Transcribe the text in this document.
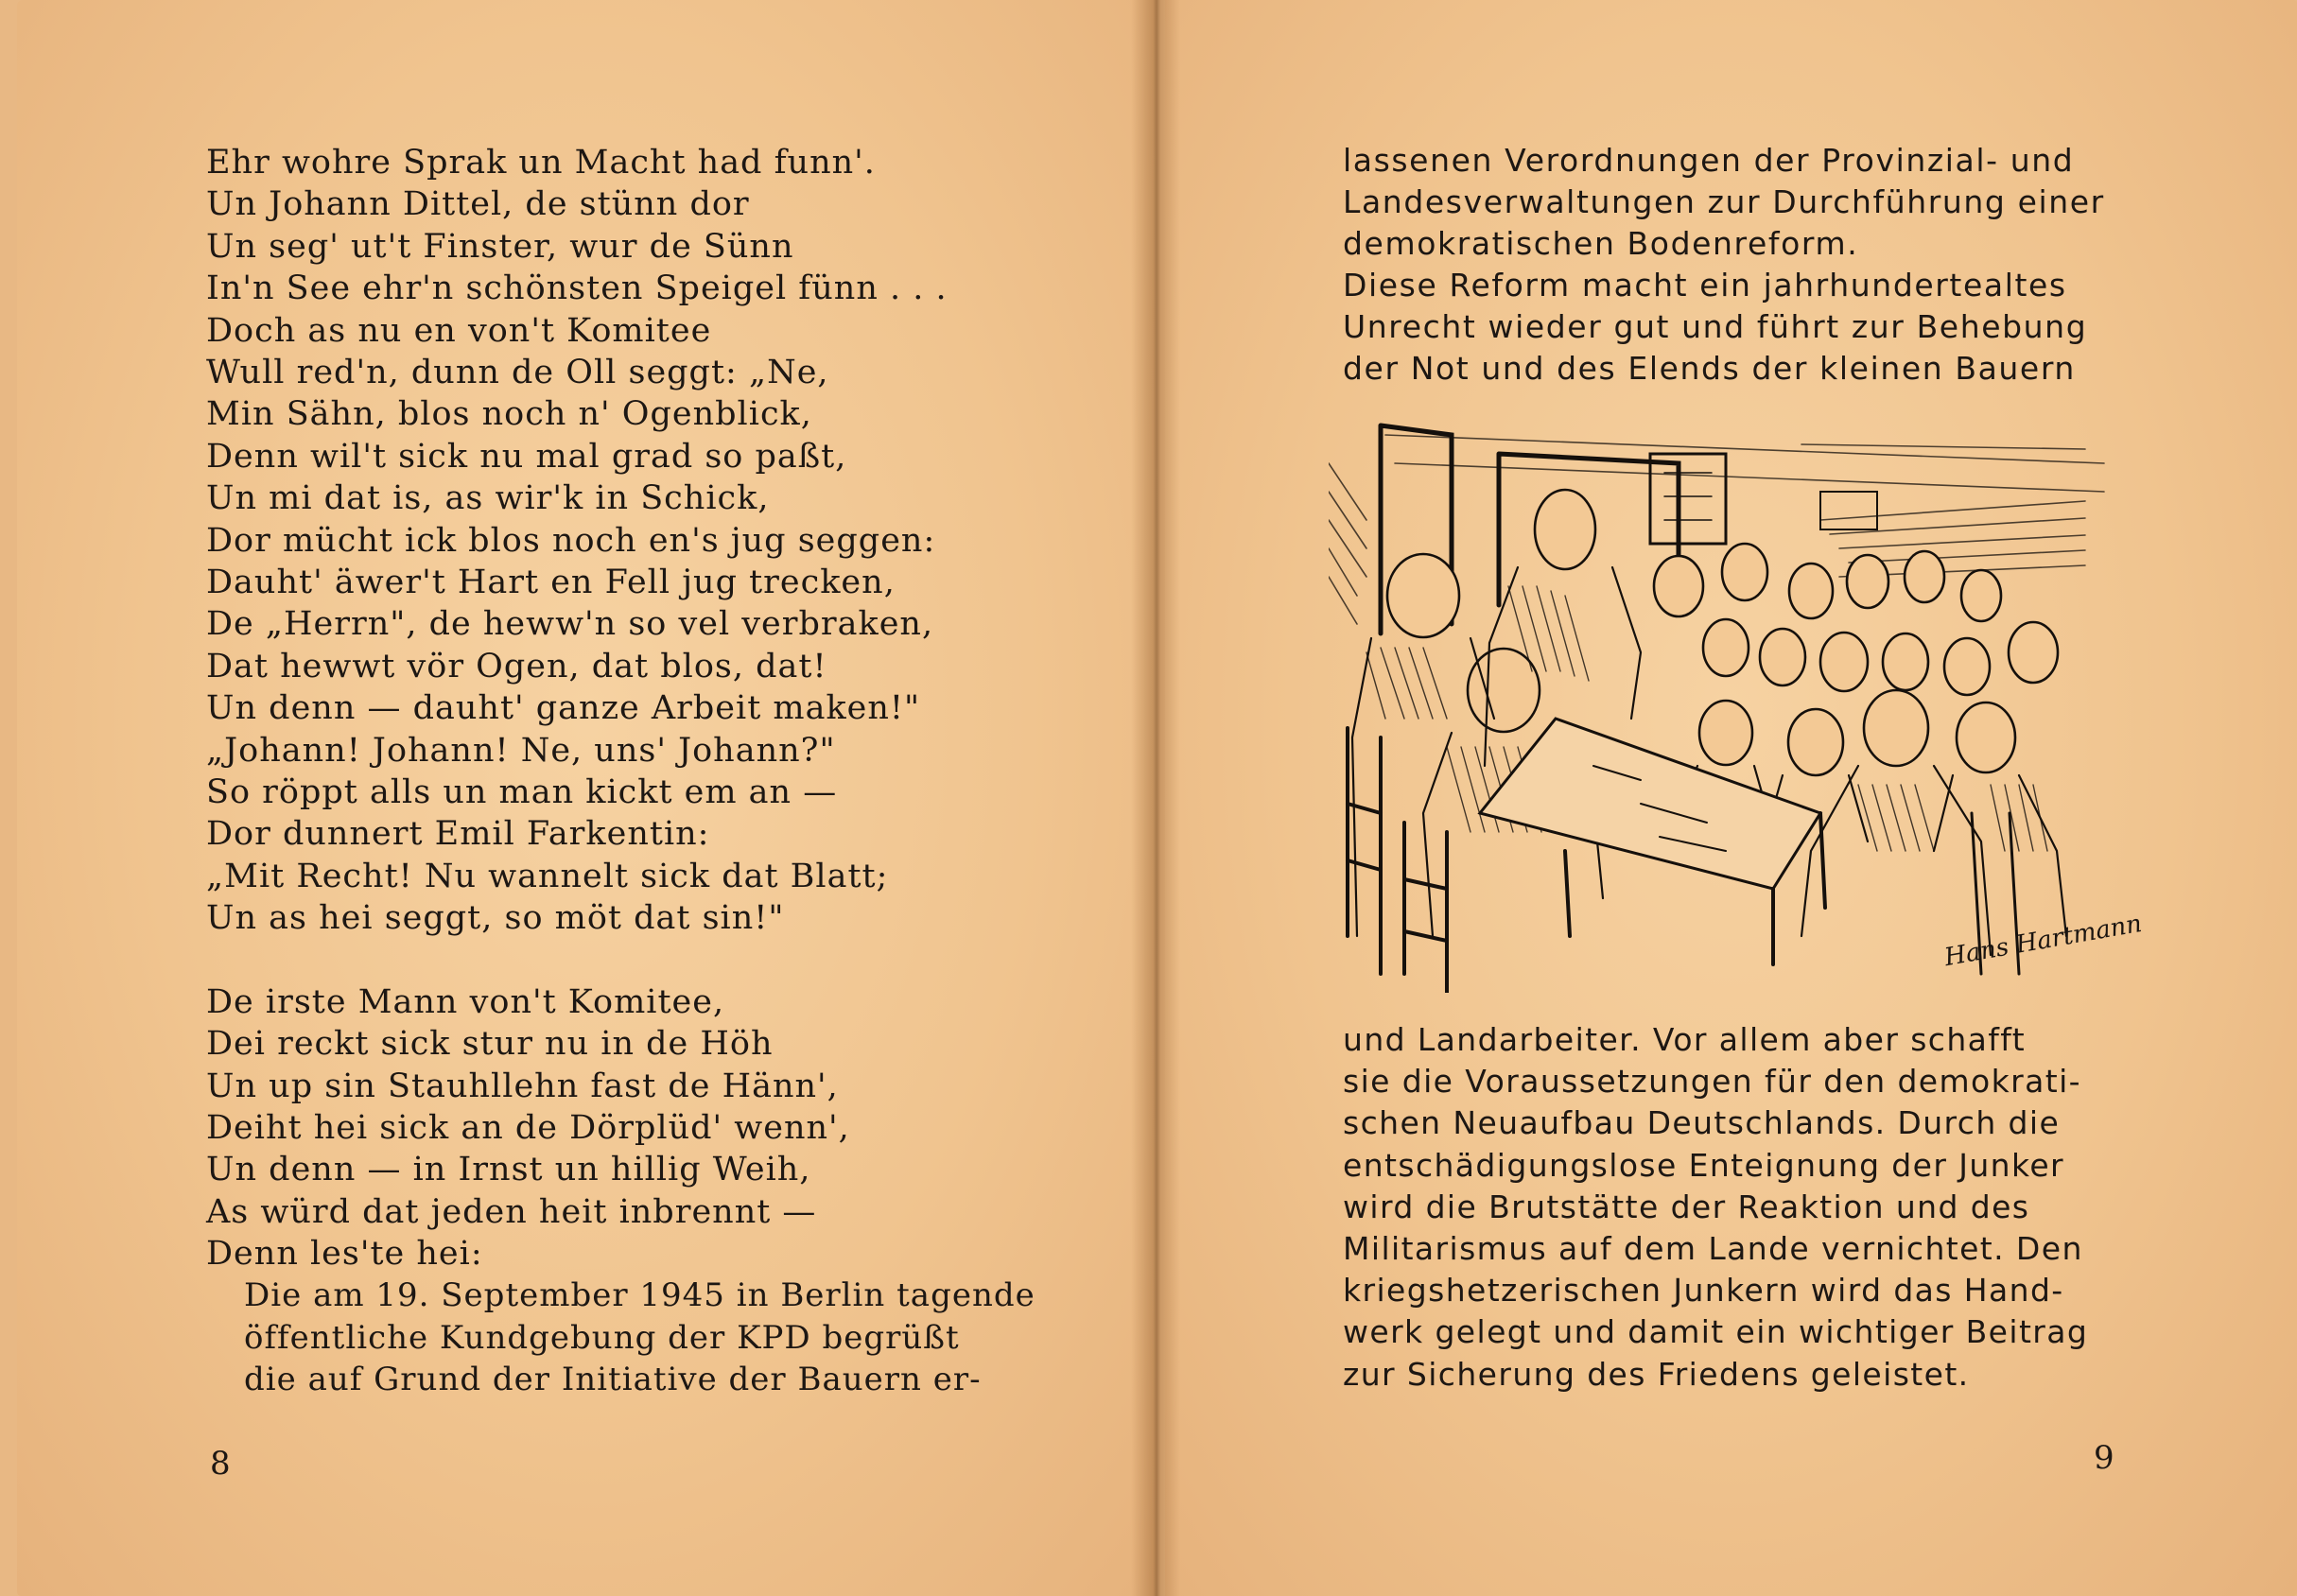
Ehr wohre Sprak un Macht had funn'.
Un Johann Dittel, de stünn dor
Un seg' ut't Finster, wur de Sünn
In'n See ehr'n schönsten Speigel fünn . . .
Doch as nu en von't Komitee
Wull red'n, dunn de Oll seggt: „Ne,
Min Sähn, blos noch n' Ogenblick,
Denn wil't sick nu mal grad so paßt,
Un mi dat is, as wir'k in Schick,
Dor mücht ick blos noch en's jug seggen:
Dauht' äwer't Hart en Fell jug trecken,
De „Herrn", de heww'n so vel verbraken,
Dat hewwt vör Ogen, dat blos, dat!
Un denn — dauht' ganze Arbeit maken!"
„Johann! Johann! Ne, uns' Johann?"
So röppt alls un man kickt em an —
Dor dunnert Emil Farkentin:
„Mit Recht! Nu wannelt sick dat Blatt;
Un as hei seggt, so möt dat sin!"
De irste Mann von't Komitee,
Dei reckt sick stur nu in de Höh
Un up sin Stauhllehn fast de Hänn',
Deiht hei sick an de Dörplüd' wenn',
Un denn — in Irnst un hillig Weih,
As würd dat jeden heit inbrennt —
Denn les'te hei:
Die am 19. September 1945 in Berlin tagende
öffentliche Kundgebung der KPD begrüßt
die auf Grund der Initiative der Bauern er-
8
lassenen Verordnungen der Provinzial- und
Landesverwaltungen zur Durchführung einer
demokratischen Bodenreform.
Diese Reform macht ein jahrhundertealtes
Unrecht wieder gut und führt zur Behebung
der Not und des Elends der kleinen Bauern
Hans Hartmann
und Landarbeiter. Vor allem aber schafft
sie die Voraussetzungen für den demokrati-
schen Neuaufbau Deutschlands. Durch die
entschädigungslose Enteignung der Junker
wird die Brutstätte der Reaktion und des
Militarismus auf dem Lande vernichtet. Den
kriegshetzerischen Junkern wird das Hand-
werk gelegt und damit ein wichtiger Beitrag
zur Sicherung des Friedens geleistet.
9
